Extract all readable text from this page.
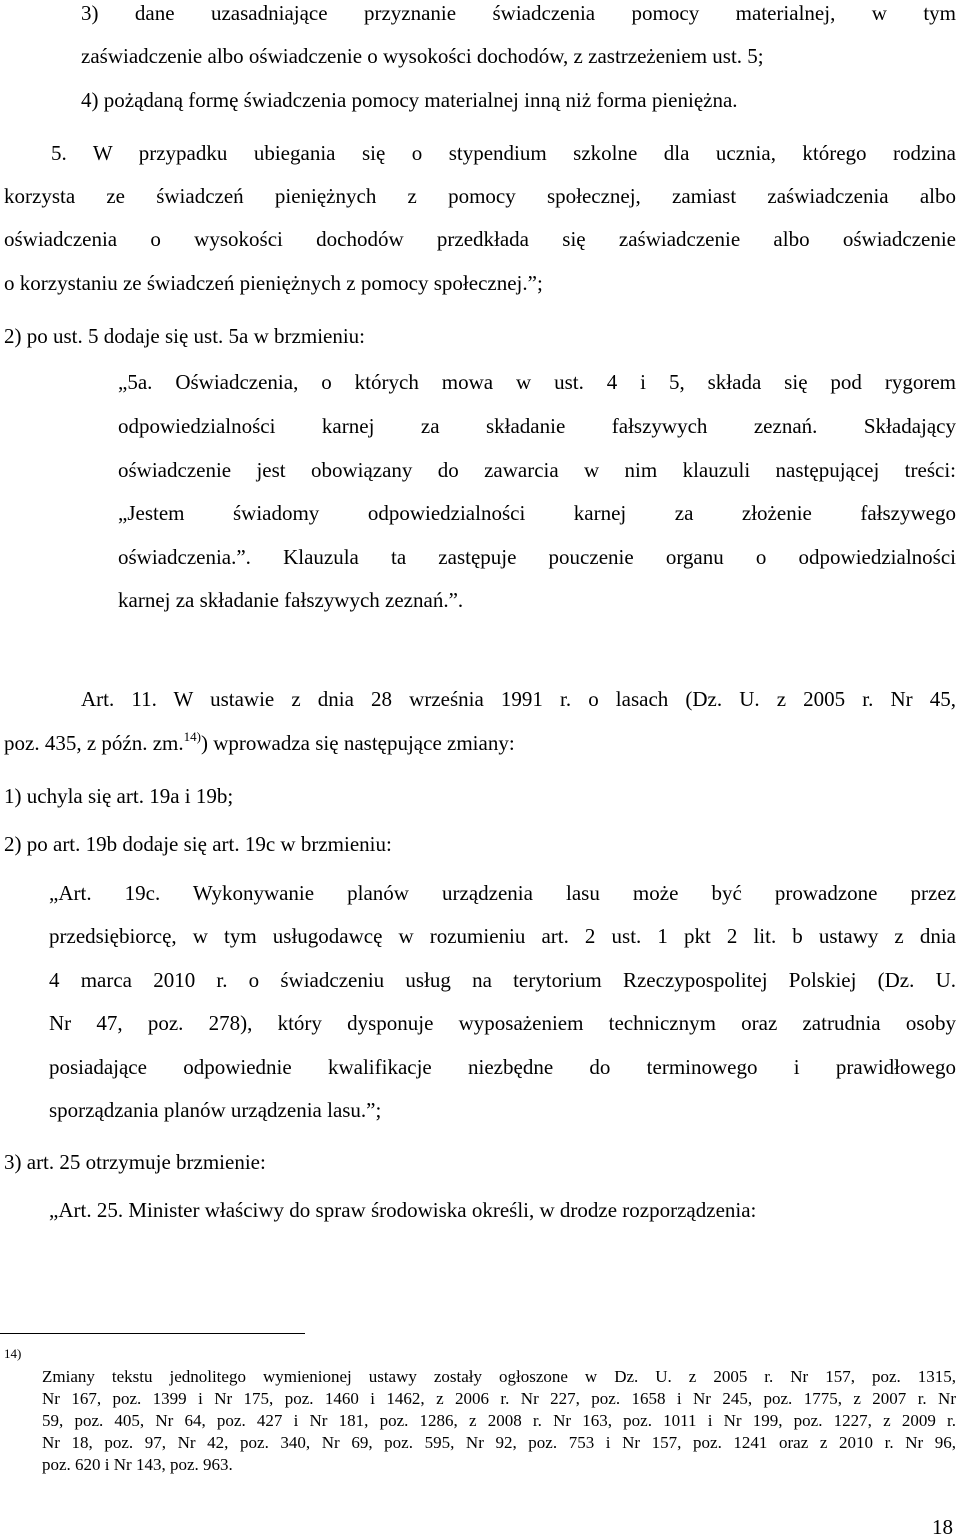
3) dane uzasadniające przyznanie świadczenia pomocy materialnej, w tym

zaświadczenie albo oświadczenie o wysokości dochodów, z zastrzeżeniem ust. 5;

4) pożądaną formę świadczenia pomocy materialnej inną niż forma pieniężna.

5. W przypadku ubiegania się o stypendium szkolne dla ucznia, którego rodzina

korzysta ze świadczeń pieniężnych z pomocy społecznej, zamiast zaświadczenia albo

oświadczenia o wysokości dochodów przedkłada się zaświadczenie albo oświadczenie

o korzystaniu ze świadczeń pieniężnych z pomocy społecznej.”;

2) po ust. 5 dodaje się ust. 5a w brzmieniu:

„5a. Oświadczenia, o których mowa w ust. 4 i 5, składa się pod rygorem

odpowiedzialności karnej za składanie fałszywych zeznań. Składający

oświadczenie jest obowiązany do zawarcia w nim klauzuli następującej treści:

„Jestem świadomy odpowiedzialności karnej za złożenie fałszywego

oświadczenia.”. Klauzula ta zastępuje pouczenie organu o odpowiedzialności

karnej za składanie fałszywych zeznań.”.

Art. 11. W ustawie z dnia 28 września 1991 r. o lasach (Dz. U. z 2005 r. Nr 45,

poz. 435, z późn. zm.$^{14)}$) wprowadza się następujące zmiany:

1) uchyla się art. 19a i 19b;

2) po art. 19b dodaje się art. 19c w brzmieniu:

„Art. 19c. Wykonywanie planów urządzenia lasu może być prowadzone przez

przedsiębiorcę, w tym usługodawcę w rozumieniu art. 2 ust. 1 pkt 2 lit. b ustawy z dnia

4 marca 2010 r. o świadczeniu usług na terytorium Rzeczypospolitej Polskiej (Dz. U.

Nr 47, poz. 278), który dysponuje wyposażeniem technicznym oraz zatrudnia osoby

posiadające odpowiednie kwalifikacje niezbędne do terminowego i prawidłowego

sporządzania planów urządzenia lasu.”;

3) art. 25 otrzymuje brzmienie:

„Art. 25. Minister właściwy do spraw środowiska określi, w drodze rozporządzenia:

14)

Zmiany tekstu jednolitego wymienionej ustawy zostały ogłoszone w Dz. U. z 2005 r. Nr 157, poz. 1315,

Nr 167, poz. 1399 i Nr 175, poz. 1460 i 1462, z 2006 r. Nr 227, poz. 1658 i Nr 245, poz. 1775, z 2007 r. Nr

59, poz. 405, Nr 64, poz. 427 i Nr 181, poz. 1286, z 2008 r. Nr 163, poz. 1011 i Nr 199, poz. 1227, z 2009 r.

Nr 18, poz. 97, Nr 42, poz. 340, Nr 69, poz. 595, Nr 92, poz. 753 i Nr 157, poz. 1241 oraz z 2010 r. Nr 96,

poz. 620 i Nr 143, poz. 963.

18
